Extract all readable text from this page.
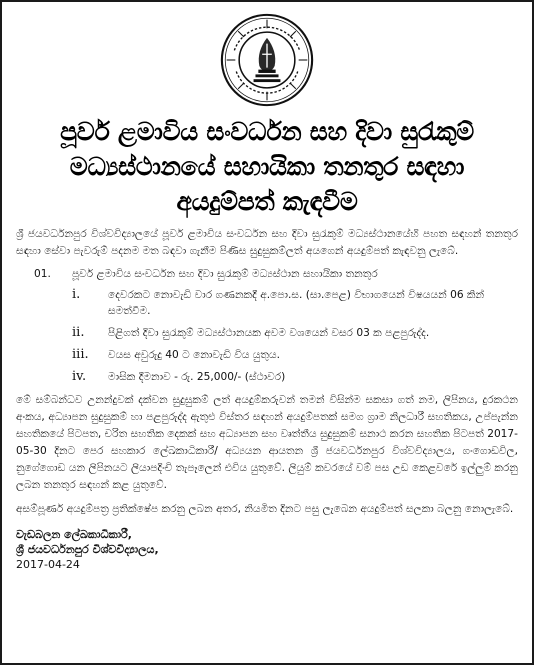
පූර්ව ළමාවිය සංවර්ධන සහ දිවා සුරැකුම්
මධ්‍යස්ථානයේ සහායිකා තනතුර සඳහා
අයදුම්පත් කැඳවීම

ශ්‍රී ජයවර්ධනපුර විශ්වවිද්‍යාලයේ පූර්ව ළමාවිය සංවර්ධන සහ දිවා සුරැකුම් මධ්‍යස්ථානයේහි පහත සඳහන් තනතුර සඳහා සේවා පැවරුම් පදනම මත බඳවා ගැනීම පිණිස සුදුසුකම්ලත් අයගෙන් අයදුම්පත් කැඳවනු ලැබේ.

01.	පූර්ව ළමාවිය සංවර්ධන සහ දිවා සුරැකුම් මධ්‍යස්ථාන සහායිකා තනතුර
i.	දෙවරකට නොවැඩි වාර ගණනකදී අ.පො.ස. (සා.පෙළ) විභාගයෙන් විෂයයන් 06 කින් සමත්වීම.
ii.	පිළිගත් දිවා සුරැකුම් මධ්‍යස්ථානයක අවම වශයෙන් වසර 03 ක පළපුරුද්ද.
iii.	වයස අවුරුදු 40 ට නොවැඩි විය යුතුය.
iv.	මාසික දීමනාව - රු. 25,000/- (ස්ථාවර)

මේ සම්බන්ධව උනන්දුවක් දක්වන සුදුසුකම් ලත් අයදුම්කරුවන් තමන් විසින්ම සකසා ගත් නම, ලිපිනය, දුරකථන අංකය, අධ්‍යාපන සුදුසුකම් හා පළපුරුද්ද ඇතුළු විස්තර සඳහන් අයදුම්පතක් සමග ග්‍රාම නිලධාරී සහතිකය, උප්පැන්න සහතිකයේ පිටපත, චරිත සහතික දෙකක් සහ අධ්‍යාපන සහ වෘත්තීය සුදුසුකම් සනාථ කරන සහතික පිටපත් 2017-05-30 දිනට පෙර සහකාර ලේඛකාධිකාරී/ අධ්‍යයන ආයතන ශ්‍රී ජයවර්ධනපුර විශ්වවිද්‍යාලය, ගංගොඩවිල, නුගේගොඩ යන ලිපිනයට ලියාපදිංචි තැපෑලෙන් එවිය යුතුවේ. ලියුම් කවරයේ වම් පස උඩ කෙළවරේ ඉල්ලුම් කරනු ලබන තනතුර සඳහන් කළ යුතුවේ.

අසම්පූර්ණ අයදුම්පත්‍ර ප්‍රතික්ෂේප කරනු ලබන අතර, නියමිත දිනට පසු ලැබෙන අයදුම්පත් සලකා බලනු නොලැබේ.

වැඩබලන ලේඛකාධිකාරී,
ශ්‍රී ජයවර්ධනපුර විශ්වවිද්‍යාලය,
2017-04-24
